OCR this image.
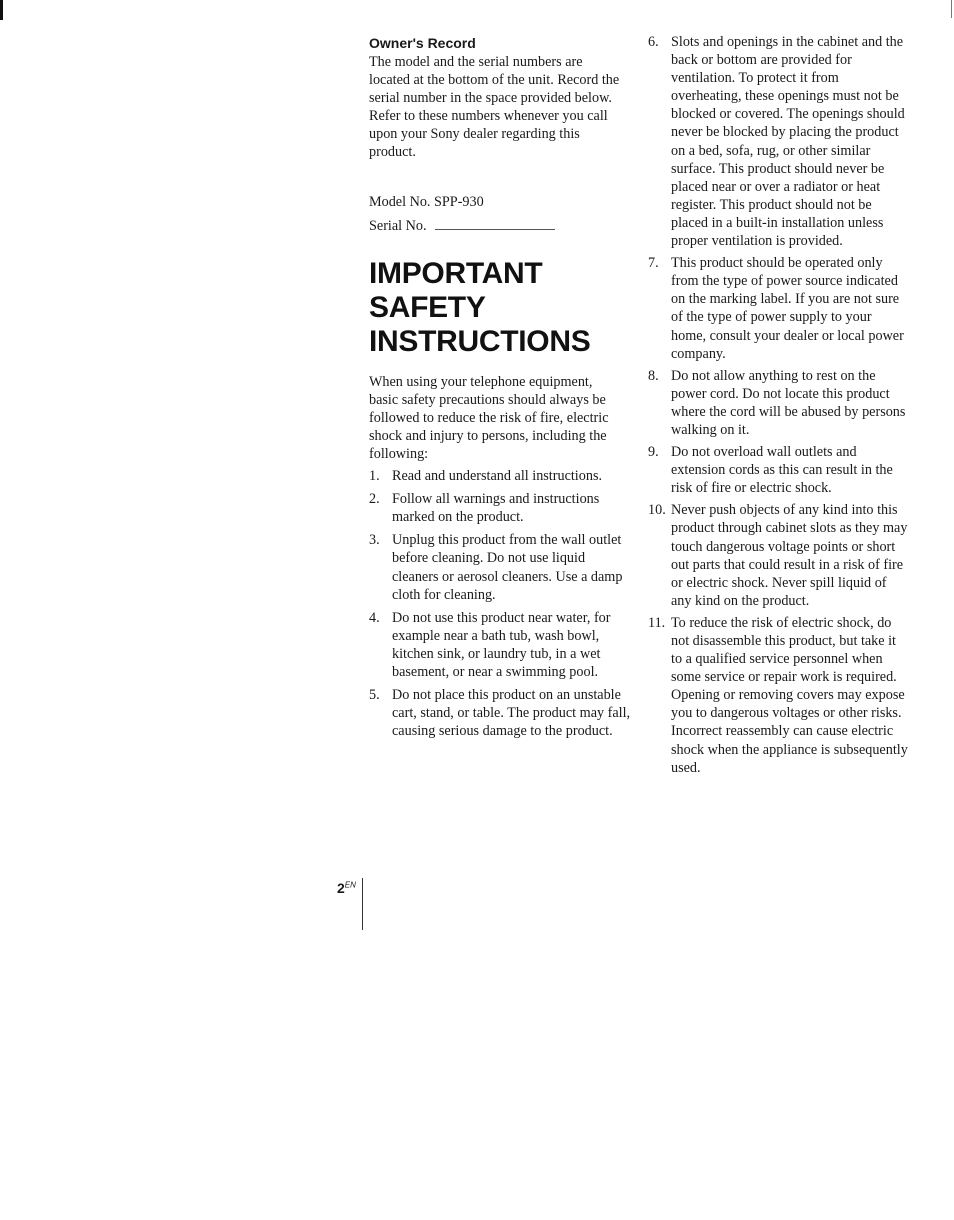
Owner's Record

The model and the serial numbers are located at the bottom of the unit. Record the serial number in the space provided below. Refer to these numbers whenever you call upon your Sony dealer regarding this product.

Model No. SPP-930
Serial No.
IMPORTANT
SAFETY
INSTRUCTIONS

When using your telephone equipment, basic safety precautions should always be followed to reduce the risk of fire, electric shock and injury to persons, including the following:

1. Read and understand all instructions.
2. Follow all warnings and instructions marked on the product.
3. Unplug this product from the wall outlet before cleaning. Do not use liquid cleaners or aerosol cleaners. Use a damp cloth for cleaning.
4. Do not use this product near water, for example near a bath tub, wash bowl, kitchen sink, or laundry tub, in a wet basement, or near a swimming pool.
5. Do not place this product on an unstable cart, stand, or table. The product may fall, causing serious damage to the product.
6. Slots and openings in the cabinet and the back or bottom are provided for ventilation. To protect it from overheating, these openings must not be blocked or covered. The openings should never be blocked by placing the product on a bed, sofa, rug, or other similar surface. This product should never be placed near or over a radiator or heat register. This product should not be placed in a built-in installation unless proper ventilation is provided.
7. This product should be operated only from the type of power source indicated on the marking label. If you are not sure of the type of power supply to your home, consult your dealer or local power company.
8. Do not allow anything to rest on the power cord. Do not locate this product where the cord will be abused by persons walking on it.
9. Do not overload wall outlets and extension cords as this can result in the risk of fire or electric shock.
10. Never push objects of any kind into this product through cabinet slots as they may touch dangerous voltage points or short out parts that could result in a risk of fire or electric shock. Never spill liquid of any kind on the product.
11. To reduce the risk of electric shock, do not disassemble this product, but take it to a qualified service personnel when some service or repair work is required. Opening or removing covers may expose you to dangerous voltages or other risks. Incorrect reassembly can cause electric shock when the appliance is subsequently used.
$2^{EN}$
